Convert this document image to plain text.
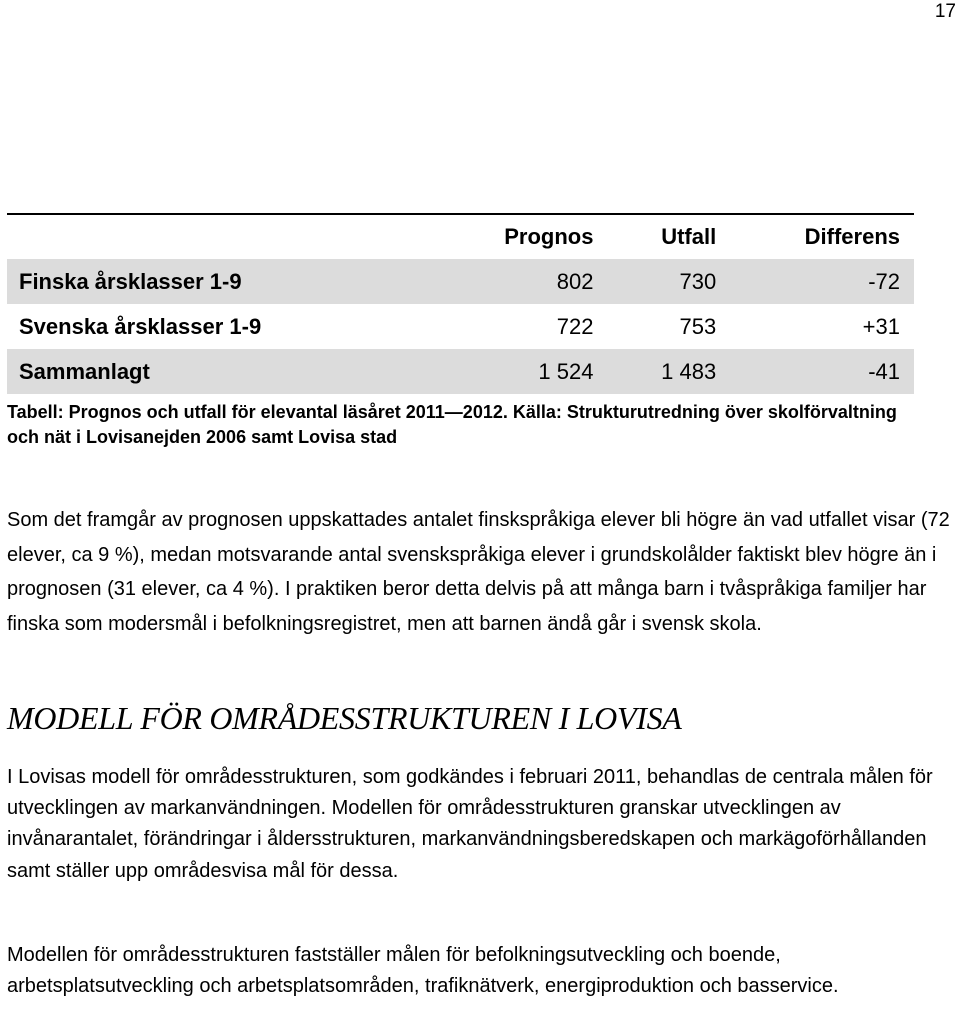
17
	Prognos	Utfall	Differens
Finska årsklasser 1-9	802	730	-72
Svenska årsklasser 1-9	722	753	+31
Sammanlagt	1 524	1 483	-41
Tabell: Prognos och utfall för elevantal läsåret 2011—2012. Källa: Strukturutredning över skolförvaltning och nät i Lovisanejden 2006 samt Lovisa stad
Som det framgår av prognosen uppskattades antalet finskspråkiga elever bli högre än vad utfallet visar (72 elever, ca 9 %), medan motsvarande antal svenskspråkiga elever i grundskolålder faktiskt blev högre än i prognosen (31 elever, ca 4 %). I praktiken beror detta delvis på att många barn i tvåspråkiga familjer har finska som modersmål i befolkningsregistret, men att barnen ändå går i svensk skola.
MODELL FÖR OMRÅDESSTRUKTUREN I LOVISA
I Lovisas modell för områdesstrukturen, som godkändes i februari 2011, behandlas de centrala målen för utvecklingen av markanvändningen. Modellen för områdesstrukturen granskar utvecklingen av invånarantalet, förändringar i åldersstrukturen, markanvändningsberedskapen och markägoförhållanden samt ställer upp områdesvisa mål för dessa.
Modellen för områdesstrukturen fastställer målen för befolkningsutveckling och boende, arbetsplatsutveckling och arbetsplatsområden, trafiknätverk, energiproduktion och basservice.
